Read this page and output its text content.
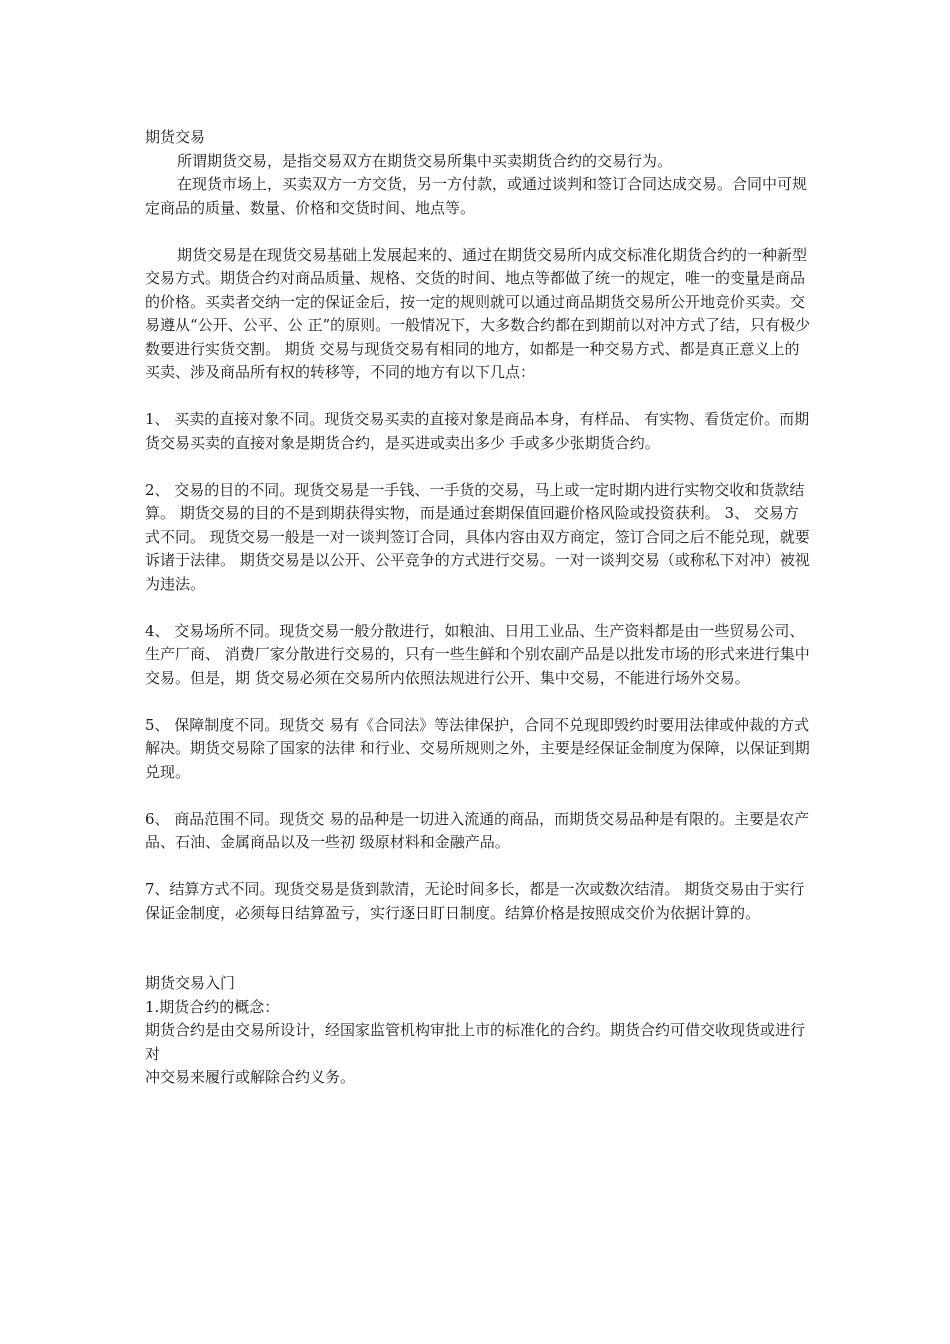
期货交易

所谓期货交易，是指交易双方在期货交易所集中买卖期货合约的交易行为。

在现货市场上，买卖双方一方交货，另一方付款，或通过谈判和签订合同达成交易。合同中可规定商品的质量、数量、价格和交货时间、地点等。

期货交易是在现货交易基础上发展起来的、通过在期货交易所内成交标准化期货合约的一种新型交易方式。期货合约对商品质量、规格、交货的时间、地点等都做了统一的规定，唯一的变量是商品的价格。买卖者交纳一定的保证金后，按一定的规则就可以通过商品期货交易所公开地竞价买卖。交易遵从“公开、公平、公 正”的原则。一般情况下，大多数合约都在到期前以对冲方式了结，只有极少数要进行实货交割。 期货 交易与现货交易有相同的地方，如都是一种交易方式、都是真正意义上的买卖、涉及商品所有权的转移等，不同的地方有以下几点：

1、 买卖的直接对象不同。现货交易买卖的直接对象是商品本身，有样品、 有实物、看货定价。而期货交易买卖的直接对象是期货合约，是买进或卖出多少 手或多少张期货合约。

2、 交易的目的不同。现货交易是一手钱、一手货的交易，马上或一定时期内进行实物交收和货款结算。 期货交易的目的不是到期获得实物，而是通过套期保值回避价格风险或投资获利。 3、 交易方式不同。 现货交易一般是一对一谈判签订合同，具体内容由双方商定，签订合同之后不能兑现，就要诉诸于法律。 期货交易是以公开、公平竞争的方式进行交易。一对一谈判交易（或称私下对冲）被视为违法。

4、 交易场所不同。现货交易一般分散进行，如粮油、日用工业品、生产资料都是由一些贸易公司、生产厂商、 消费厂家分散进行交易的，只有一些生鲜和个别农副产品是以批发市场的形式来进行集中交易。但是，期 货交易必须在交易所内依照法规进行公开、集中交易，不能进行场外交易。

5、 保障制度不同。现货交 易有《合同法》等法律保护，合同不兑现即毁约时要用法律或仲裁的方式解决。期货交易除了国家的法律 和行业、交易所规则之外，主要是经保证金制度为保障，以保证到期兑现。

6、 商品范围不同。现货交 易的品种是一切进入流通的商品，而期货交易品种是有限的。主要是农产品、石油、金属商品以及一些初 级原材料和金融产品。

7、结算方式不同。现货交易是货到款清，无论时间多长，都是一次或数次结清。 期货交易由于实行保证金制度，必须每日结算盈亏，实行逐日盯日制度。结算价格是按照成交价为依据计算的。

期货交易入门

1.期货合约的概念：

期货合约是由交易所设计，经国家监管机构审批上市的标准化的合约。期货合约可借交收现货或进行对

冲交易来履行或解除合约义务。
